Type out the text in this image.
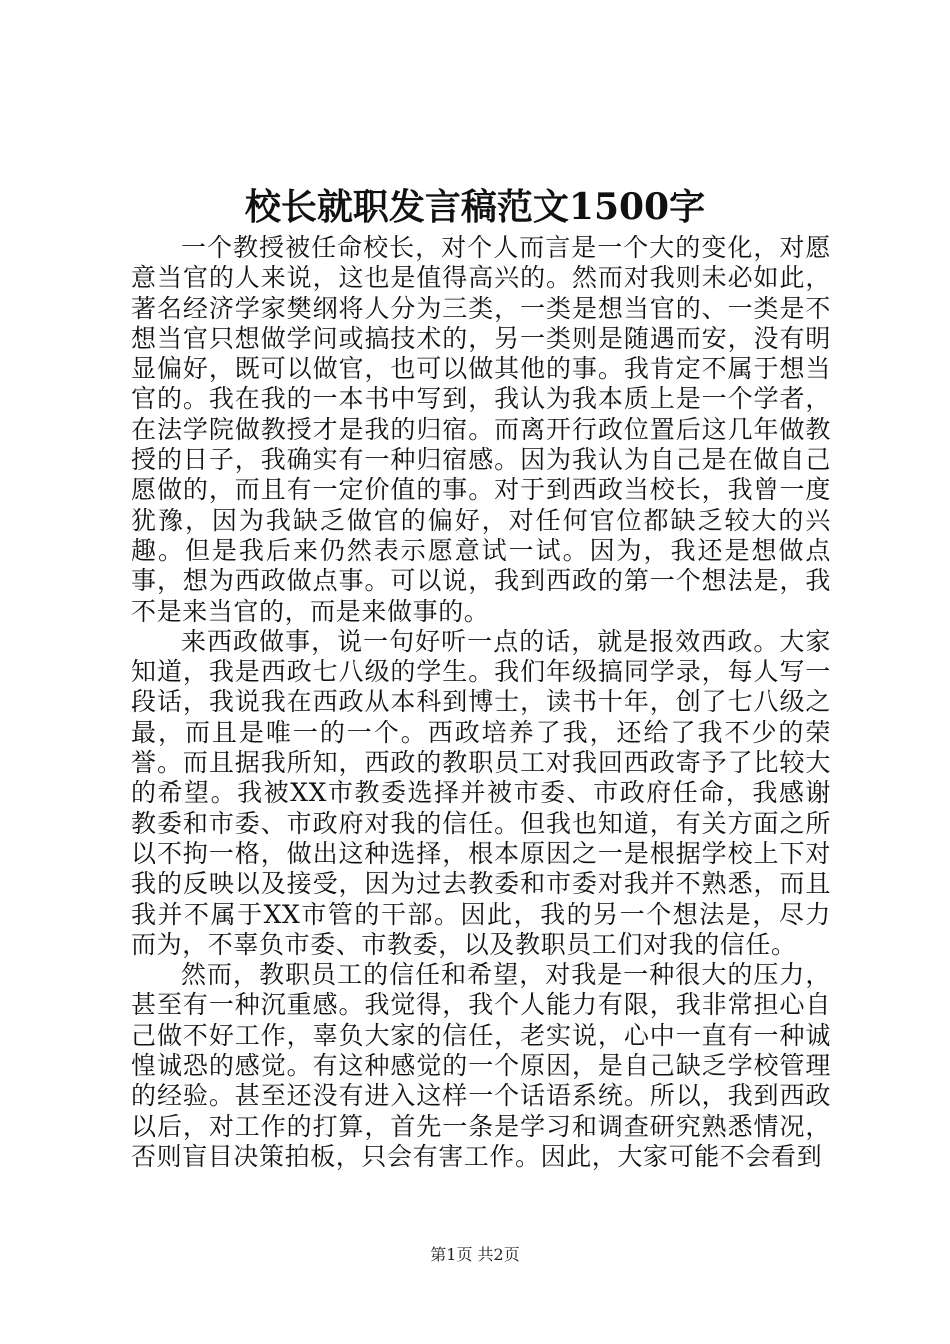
校长就职发言稿范文1500字

一个教授被任命校长，对个人而言是一个大的变化，对愿意当官的人来说，这也是值得高兴的。然而对我则未必如此，著名经济学家樊纲将人分为三类，一类是想当官的、一类是不想当官只想做学问或搞技术的，另一类则是随遇而安，没有明显偏好，既可以做官，也可以做其他的事。我肯定不属于想当官的。我在我的一本书中写到，我认为我本质上是一个学者，在法学院做教授才是我的归宿。而离开行政位置后这几年做教授的日子，我确实有一种归宿感。因为我认为自己是在做自己愿做的，而且有一定价值的事。对于到西政当校长，我曾一度犹豫，因为我缺乏做官的偏好，对任何官位都缺乏较大的兴趣。但是我后来仍然表示愿意试一试。因为，我还是想做点事，想为西政做点事。可以说，我到西政的第一个想法是，我不是来当官的，而是来做事的。

来西政做事，说一句好听一点的话，就是报效西政。大家知道，我是西政七八级的学生。我们年级搞同学录，每人写一段话，我说我在西政从本科到博士，读书十年，创了七八级之最，而且是唯一的一个。西政培养了我，还给了我不少的荣誉。而且据我所知，西政的教职员工对我回西政寄予了比较大的希望。我被XX市教委选择并被市委、市政府任命，我感谢教委和市委、市政府对我的信任。但我也知道，有关方面之所以不拘一格，做出这种选择，根本原因之一是根据学校上下对我的反映以及接受，因为过去教委和市委对我并不熟悉，而且我并不属于XX市管的干部。因此，我的另一个想法是，尽力而为，不辜负市委、市教委，以及教职员工们对我的信任。

然而，教职员工的信任和希望，对我是一种很大的压力，甚至有一种沉重感。我觉得，我个人能力有限，我非常担心自己做不好工作，辜负大家的信任，老实说，心中一直有一种诚惶诚恐的感觉。有这种感觉的一个原因，是自己缺乏学校管理的经验。甚至还没有进入这样一个话语系统。所以，我到西政以后，对工作的打算，首先一条是学习和调查研究熟悉情况，否则盲目决策拍板，只会有害工作。因此，大家可能不会看到

第1页 共2页
